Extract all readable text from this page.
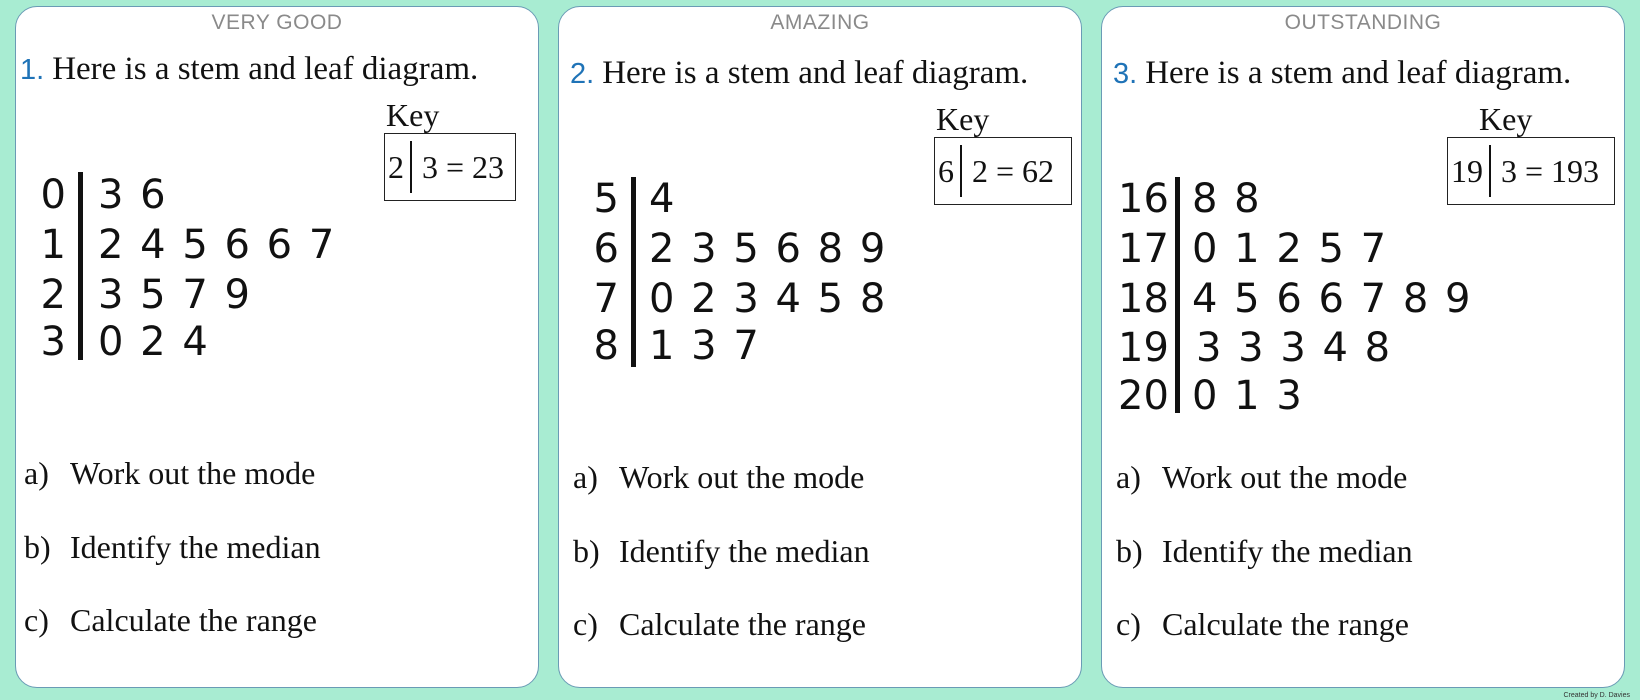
VERY GOOD
1. Here is a stem and leaf diagram.
Key
2 3 = 23
0 3 6
1 2 4 5 6 6 7
2 3 5 7 9
3 0 2 4
a) Work out the mode
b) Identify the median
c) Calculate the range
AMAZING
2. Here is a stem and leaf diagram.
Key
6 2 = 62
5 4
6 2 3 5 6 8 9
7 0 2 3 4 5 8
8 1 3 7
a) Work out the mode
b) Identify the median
c) Calculate the range
OUTSTANDING
3. Here is a stem and leaf diagram.
Key
19 3 = 193
16 8 8
17 0 1 2 5 7
18 4 5 6 6 7 8 9
19 3 3 3 4 8
20 0 1 3
a) Work out the mode
b) Identify the median
c) Calculate the range
Created by D. Davies
